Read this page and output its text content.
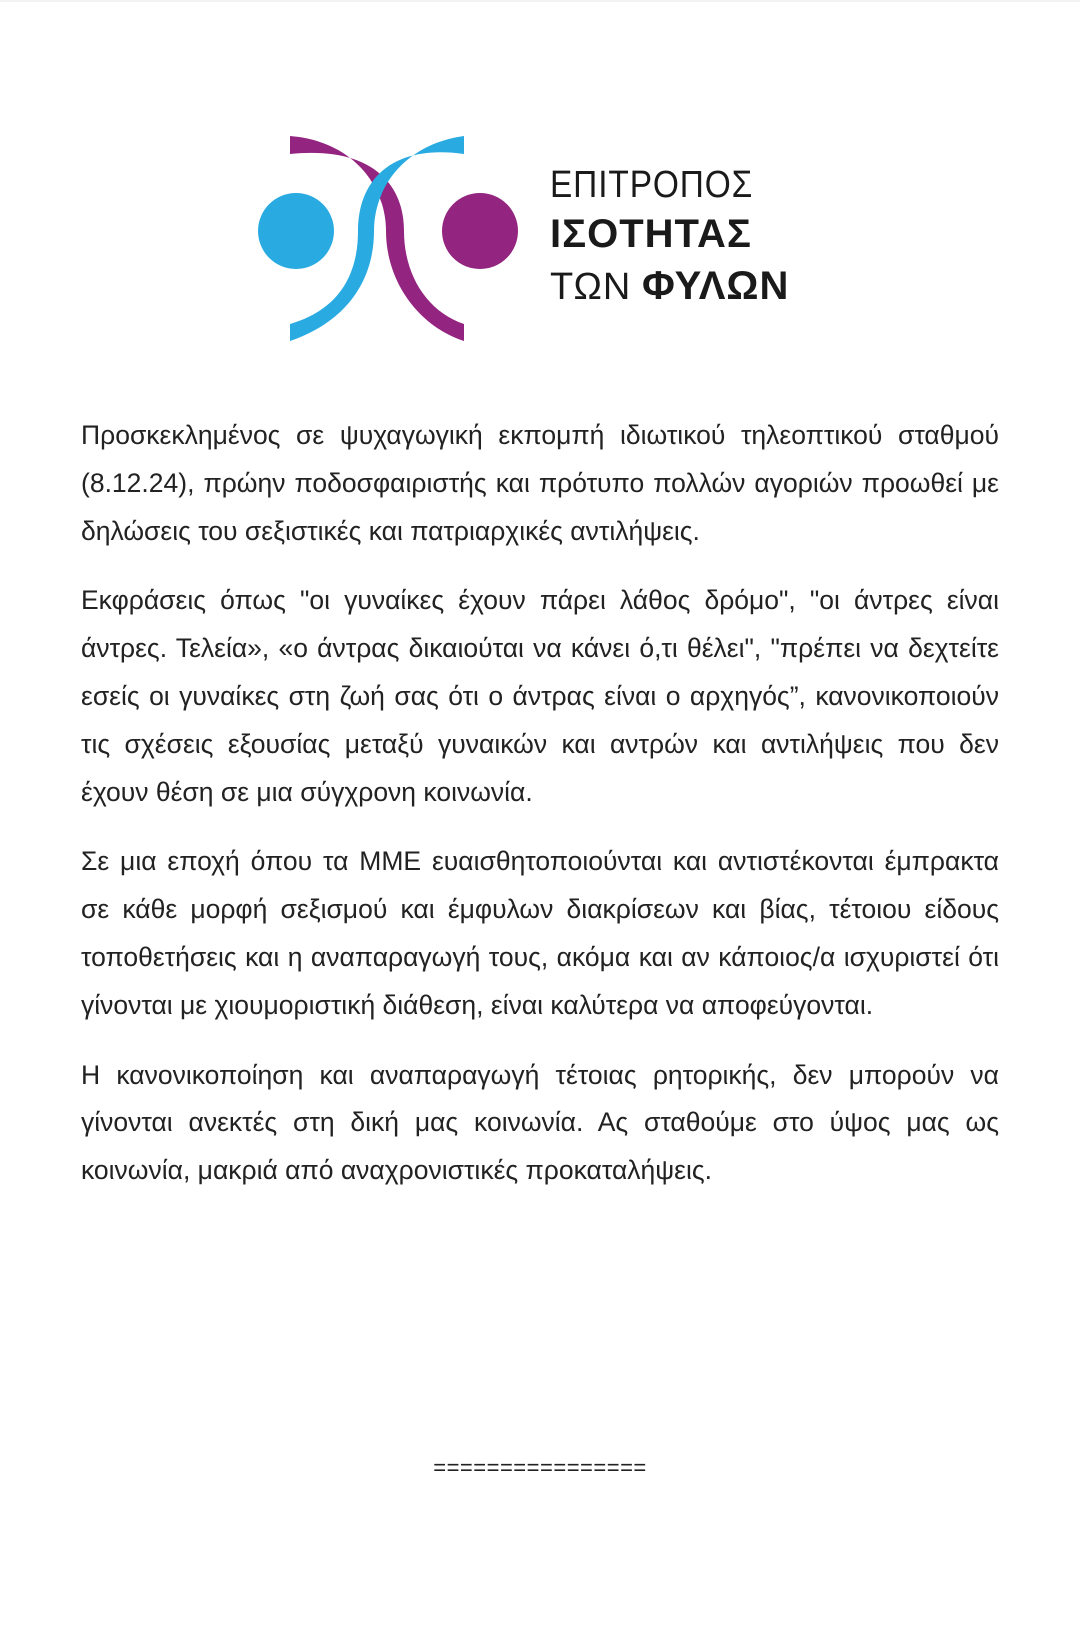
ΕΠΙΤΡΟΠΟΣ
ΙΣΟΤΗΤΑΣ
ΤΩΝ ΦΥΛΩΝ

Προσκεκλημένος σε ψυχαγωγική εκπομπή ιδιωτικού τηλεοπτικού σταθμού (8.12.24), πρώην ποδοσφαιριστής και πρότυπο πολλών αγοριών προωθεί με δηλώσεις του σεξιστικές και πατριαρχικές αντιλήψεις.

Εκφράσεις όπως "οι γυναίκες έχουν πάρει λάθος δρόμο", "οι άντρες είναι άντρες. Τελεία», «ο άντρας δικαιούται να κάνει ό,τι θέλει", "πρέπει να δεχτείτε εσείς οι γυναίκες στη ζωή σας ότι ο άντρας είναι ο αρχηγός”, κανονικοποιούν τις σχέσεις εξουσίας μεταξύ γυναικών και αντρών και αντιλήψεις που δεν έχουν θέση σε μια σύγχρονη κοινωνία.

Σε μια εποχή όπου τα ΜΜΕ ευαισθητοποιούνται και αντιστέκονται έμπρακτα σε κάθε μορφή σεξισμού και έμφυλων διακρίσεων και βίας, τέτοιου είδους τοποθετήσεις και η αναπαραγωγή τους, ακόμα και αν κάποιος/α ισχυριστεί ότι γίνονται με χιουμοριστική διάθεση, είναι καλύτερα να αποφεύγονται.

Η κανονικοποίηση και αναπαραγωγή τέτοιας ρητορικής, δεν μπορούν να γίνονται ανεκτές στη δική μας κοινωνία. Ας σταθούμε στο ύψος μας ως κοινωνία, μακριά από αναχρονιστικές προκαταλήψεις.

================
